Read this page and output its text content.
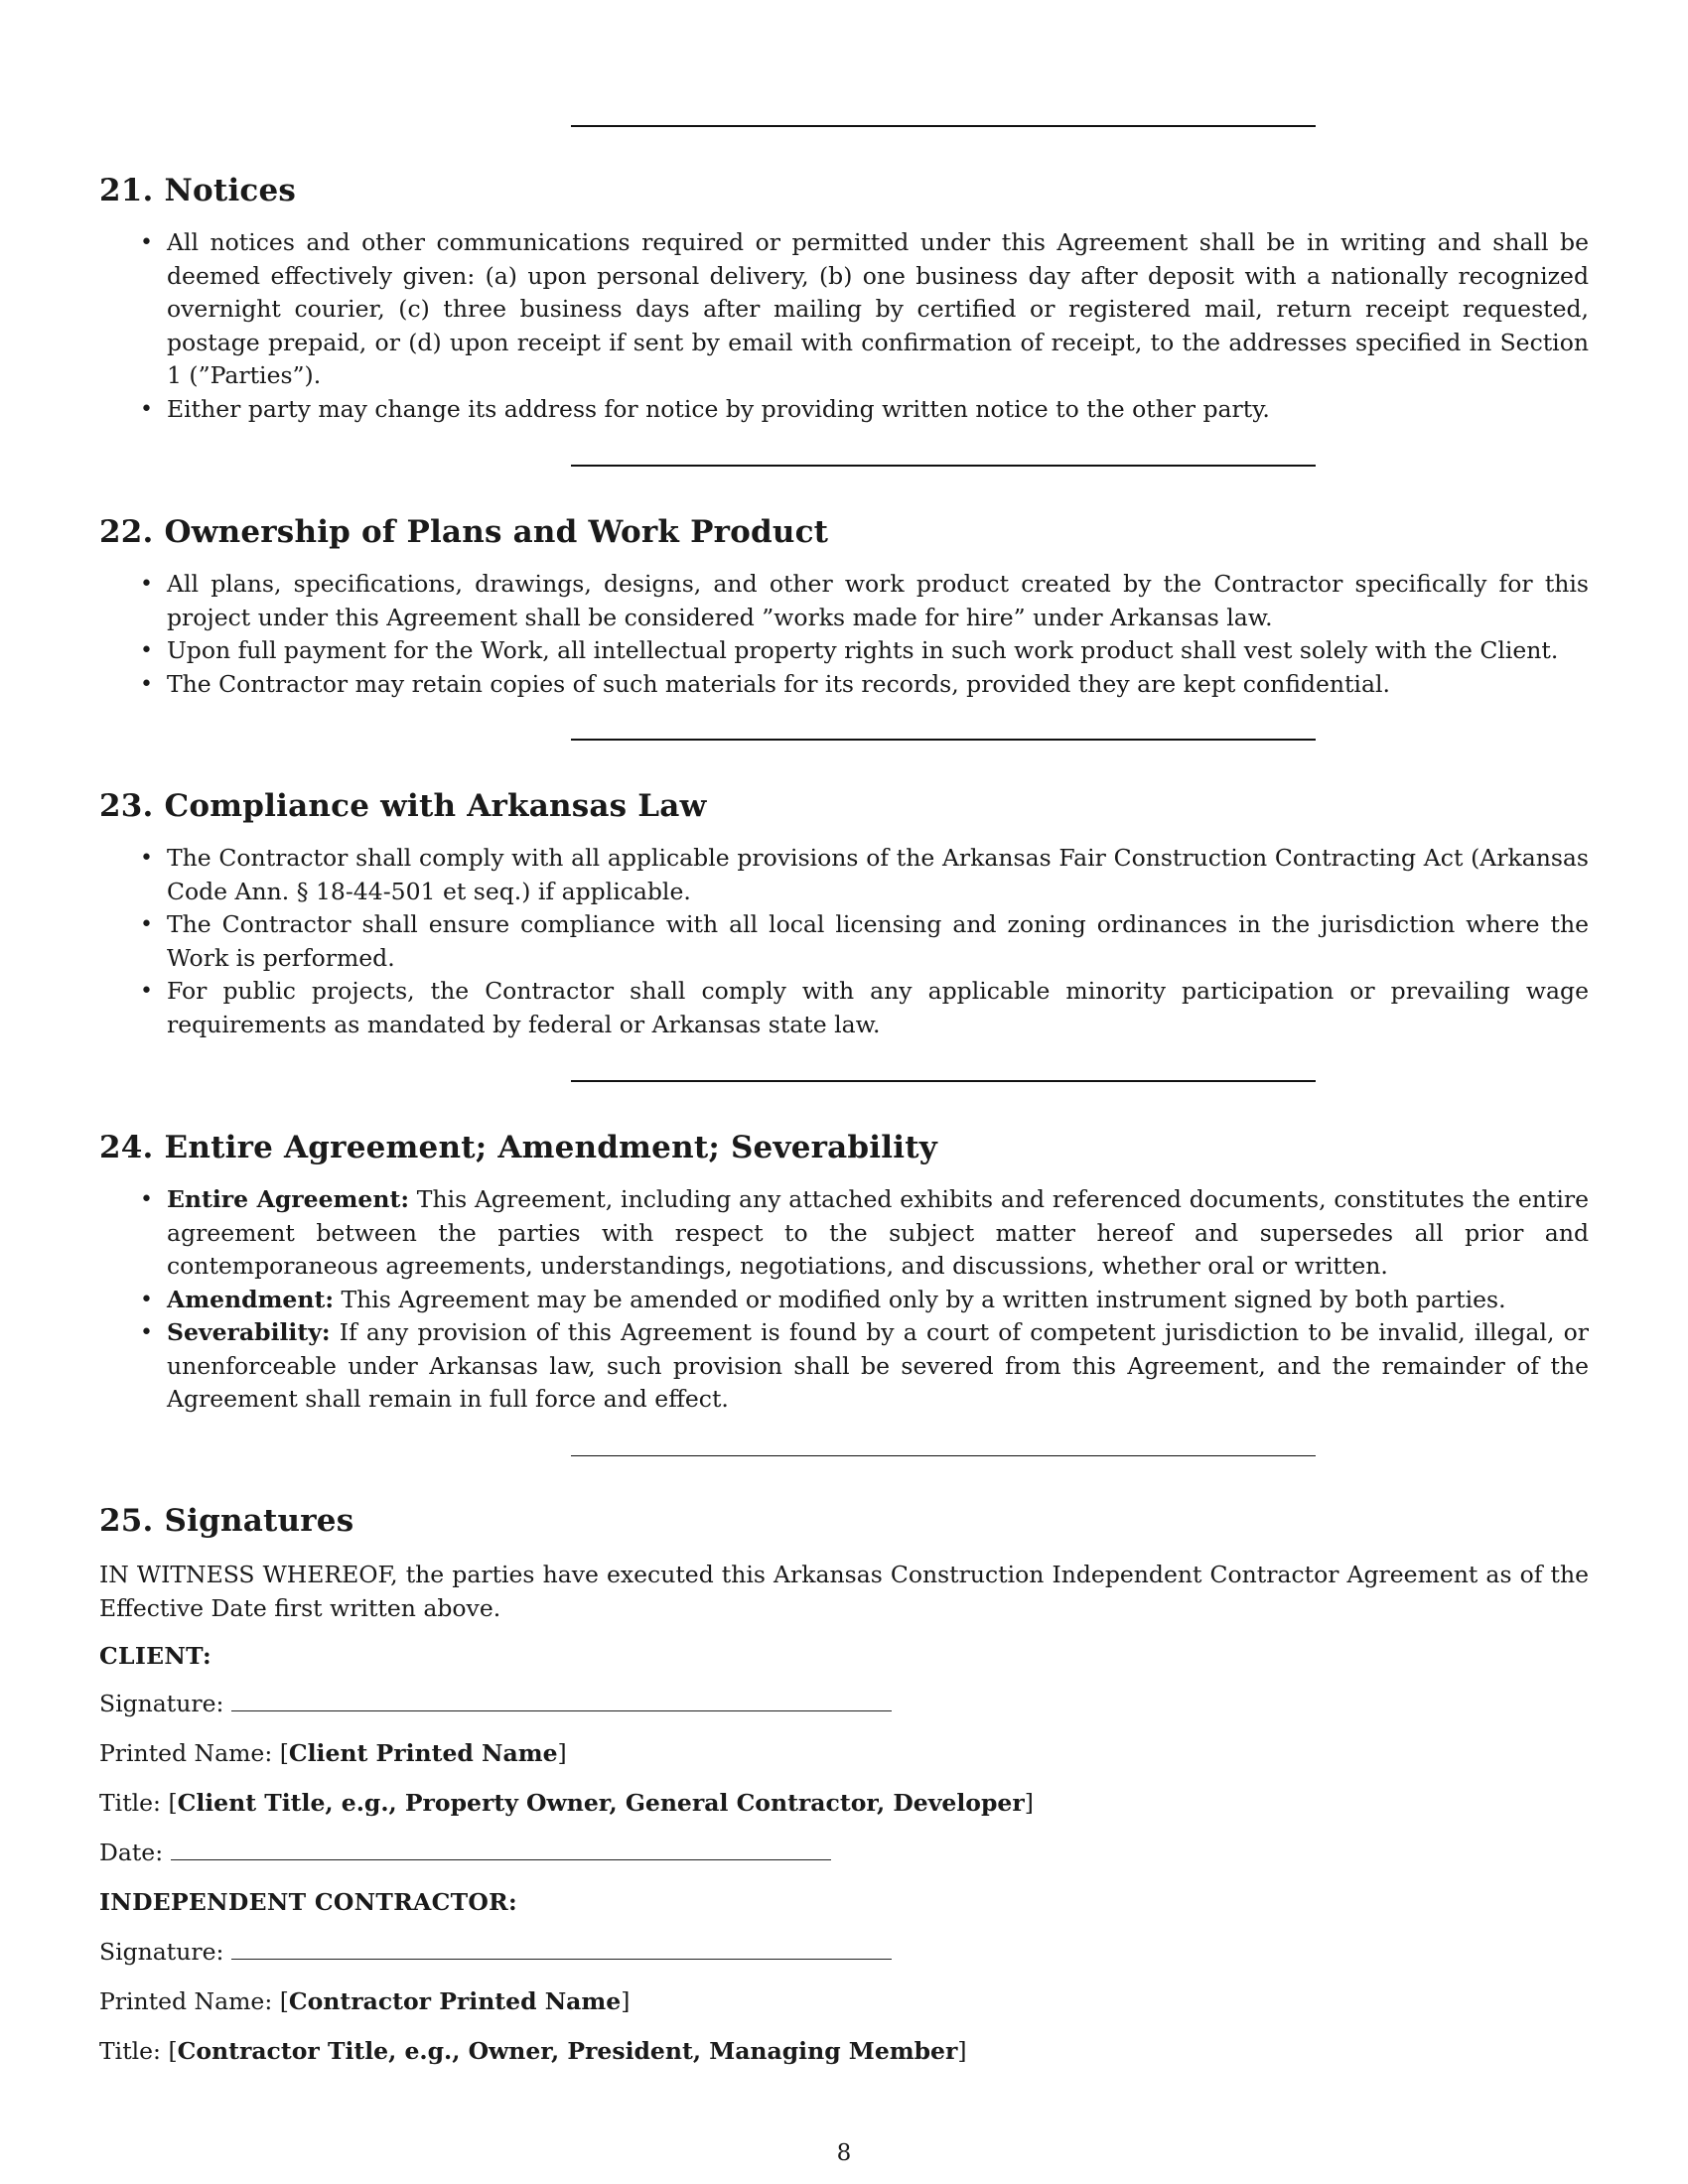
21. Notices
• All notices and other communications required or permitted under this Agreement shall be in writing and shall be deemed effectively given: (a) upon personal delivery, (b) one business day after deposit with a nationally recognized overnight courier, (c) three business days after mailing by certified or registered mail, return receipt requested, postage prepaid, or (d) upon receipt if sent by email with confirmation of receipt, to the addresses specified in Section 1 (”Parties”).
• Either party may change its address for notice by providing written notice to the other party.
22. Ownership of Plans and Work Product
• All plans, specifications, drawings, designs, and other work product created by the Contractor specifically for this project under this Agreement shall be considered ”works made for hire” under Arkansas law.
• Upon full payment for the Work, all intellectual property rights in such work product shall vest solely with the Client.
• The Contractor may retain copies of such materials for its records, provided they are kept confidential.
23. Compliance with Arkansas Law
• The Contractor shall comply with all applicable provisions of the Arkansas Fair Construction Contracting Act (Arkansas Code Ann. § 18-44-501 et seq.) if applicable.
• The Contractor shall ensure compliance with all local licensing and zoning ordinances in the jurisdiction where the Work is performed.
• For public projects, the Contractor shall comply with any applicable minority participation or prevailing wage requirements as mandated by federal or Arkansas state law.
24. Entire Agreement; Amendment; Severability
• Entire Agreement: This Agreement, including any attached exhibits and referenced documents, constitutes the entire agreement between the parties with respect to the subject matter hereof and supersedes all prior and contemporaneous agreements, understandings, negotiations, and discussions, whether oral or written.
• Amendment: This Agreement may be amended or modified only by a written instrument signed by both parties.
• Severability: If any provision of this Agreement is found by a court of competent jurisdiction to be invalid, illegal, or unenforceable under Arkansas law, such provision shall be severed from this Agreement, and the remainder of the Agreement shall remain in full force and effect.
25. Signatures

IN WITNESS WHEREOF, the parties have executed this Arkansas Construction Independent Contractor Agreement as of the Effective Date first written above.

CLIENT:
Signature:
Printed Name: [Client Printed Name]
Title: [Client Title, e.g., Property Owner, General Contractor, Developer]
Date:
INDEPENDENT CONTRACTOR:
Signature:
Printed Name: [Contractor Printed Name]
Title: [Contractor Title, e.g., Owner, President, Managing Member]
8
